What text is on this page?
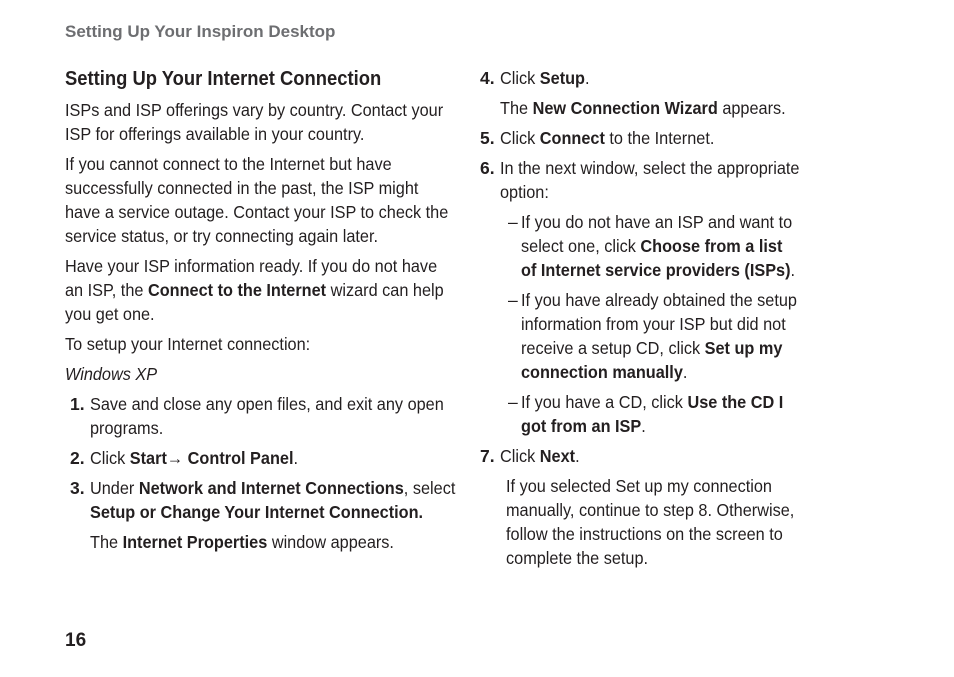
Setting Up Your Inspiron Desktop
Setting Up Your Internet Connection

ISPs and ISP offerings vary by country. Contact your ISP for offerings available in your country.

If you cannot connect to the Internet but have successfully connected in the past, the ISP might have a service outage. Contact your ISP to check the service status, or try connecting again later.

Have your ISP information ready. If you do not have an ISP, the Connect to the Internet wizard can help you get one.

To setup your Internet connection:

Windows XP

1. Save and close any open files, and exit any open programs.
2. Click Start→ Control Panel.
3. Under Network and Internet Connections, select Setup or Change Your Internet Connection.

The Internet Properties window appears.

4. Click Setup.

The New Connection Wizard appears.

5. Click Connect to the Internet.
6. In the next window, select the appropriate option:
– If you do not have an ISP and want to select one, click Choose from a list of Internet service providers (ISPs).
– If you have already obtained the setup information from your ISP but did not receive a setup CD, click Set up my connection manually.
– If you have a CD, click Use the CD I got from an ISP.
7. Click Next.

If you selected Set up my connection manually, continue to step 8. Otherwise, follow the instructions on the screen to complete the setup.

16
